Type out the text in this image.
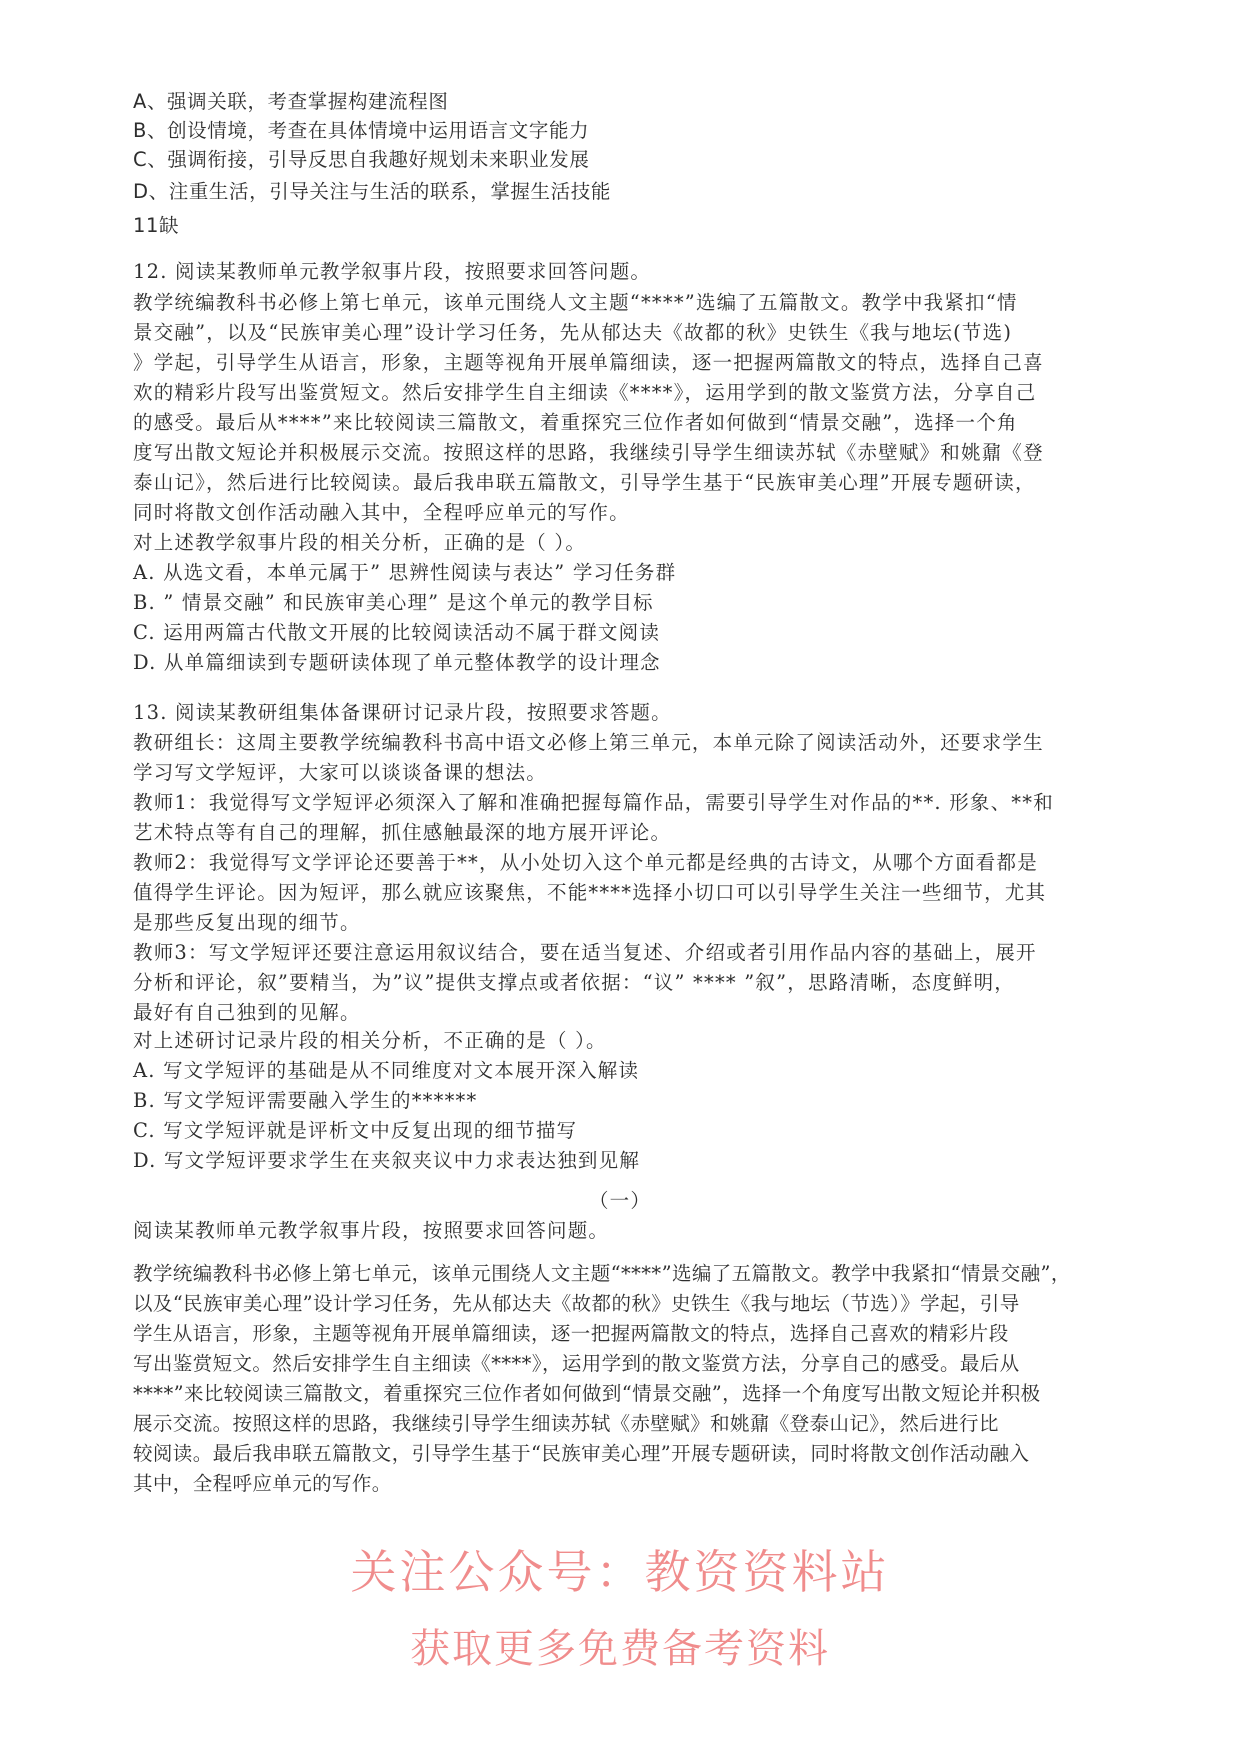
A、强调关联，考查掌握构建流程图
B、创设情境，考查在具体情境中运用语言文字能力
C、强调衔接，引导反思自我趣好规划未来职业发展
D、注重生活，引导关注与生活的联系，掌握生活技能
11缺
12. 阅读某教师单元教学叙事片段，按照要求回答问题。
教学统编教科书必修上第七单元，该单元围绕人文主题“****”选编了五篇散文。教学中我紧扣“情
景交融”，以及“民族审美心理”设计学习任务，先从郁达夫《故都的秋》史铁生《我与地坛(节选)
》学起，引导学生从语言，形象，主题等视角开展单篇细读，逐一把握两篇散文的特点，选择自己喜
欢的精彩片段写出鉴赏短文。然后安排学生自主细读《****》，运用学到的散文鉴赏方法，分享自己
的感受。最后从****”来比较阅读三篇散文，着重探究三位作者如何做到“情景交融”，选择一个角
度写出散文短论并积极展示交流。按照这样的思路，我继续引导学生细读苏轼《赤壁赋》和姚鼐《登
泰山记》，然后进行比较阅读。最后我串联五篇散文，引导学生基于“民族审美心理”开展专题研读，
同时将散文创作活动融入其中，全程呼应单元的写作。
对上述教学叙事片段的相关分析，正确的是（ ）。
A. 从选文看，本单元属于” 思辨性阅读与表达” 学习任务群
B. ” 情景交融” 和民族审美心理” 是这个单元的教学目标
C. 运用两篇古代散文开展的比较阅读活动不属于群文阅读
D. 从单篇细读到专题研读体现了单元整体教学的设计理念
13. 阅读某教研组集体备课研讨记录片段，按照要求答题。
教研组长：这周主要教学统编教科书高中语文必修上第三单元，本单元除了阅读活动外，还要求学生
学习写文学短评，大家可以谈谈备课的想法。
教师1：我觉得写文学短评必须深入了解和准确把握每篇作品，需要引导学生对作品的**. 形象、**和
艺术特点等有自己的理解，抓住感触最深的地方展开评论。
教师2：我觉得写文学评论还要善于**，从小处切入这个单元都是经典的古诗文，从哪个方面看都是
值得学生评论。因为短评，那么就应该聚焦，不能****选择小切口可以引导学生关注一些细节，尤其
是那些反复出现的细节。
教师3：写文学短评还要注意运用叙议结合，要在适当复述、介绍或者引用作品内容的基础上，展开
分析和评论，叙”要精当，为”议”提供支撑点或者依据：“议” **** ”叙”，思路清晰，态度鲜明，
最好有自己独到的见解。
对上述研讨记录片段的相关分析，不正确的是（ ）。
A. 写文学短评的基础是从不同维度对文本展开深入解读
B. 写文学短评需要融入学生的******
C. 写文学短评就是评析文中反复出现的细节描写
D. 写文学短评要求学生在夹叙夹议中力求表达独到见解
（一）
阅读某教师单元教学叙事片段，按照要求回答问题。
教学统编教科书必修上第七单元，该单元围绕人文主题“****”选编了五篇散文。教学中我紧扣“情景交融”，
以及“民族审美心理”设计学习任务，先从郁达夫《故都的秋》史铁生《我与地坛（节选）》学起，引导
学生从语言，形象，主题等视角开展单篇细读，逐一把握两篇散文的特点，选择自己喜欢的精彩片段
写出鉴赏短文。然后安排学生自主细读《****》，运用学到的散文鉴赏方法，分享自己的感受。最后从
****”来比较阅读三篇散文，着重探究三位作者如何做到“情景交融”，选择一个角度写出散文短论并积极
展示交流。按照这样的思路，我继续引导学生细读苏轼《赤壁赋》和姚鼐《登泰山记》，然后进行比
较阅读。最后我串联五篇散文，引导学生基于“民族审美心理”开展专题研读，同时将散文创作活动融入
其中，全程呼应单元的写作。
关注公众号：教资资料站
获取更多免费备考资料
